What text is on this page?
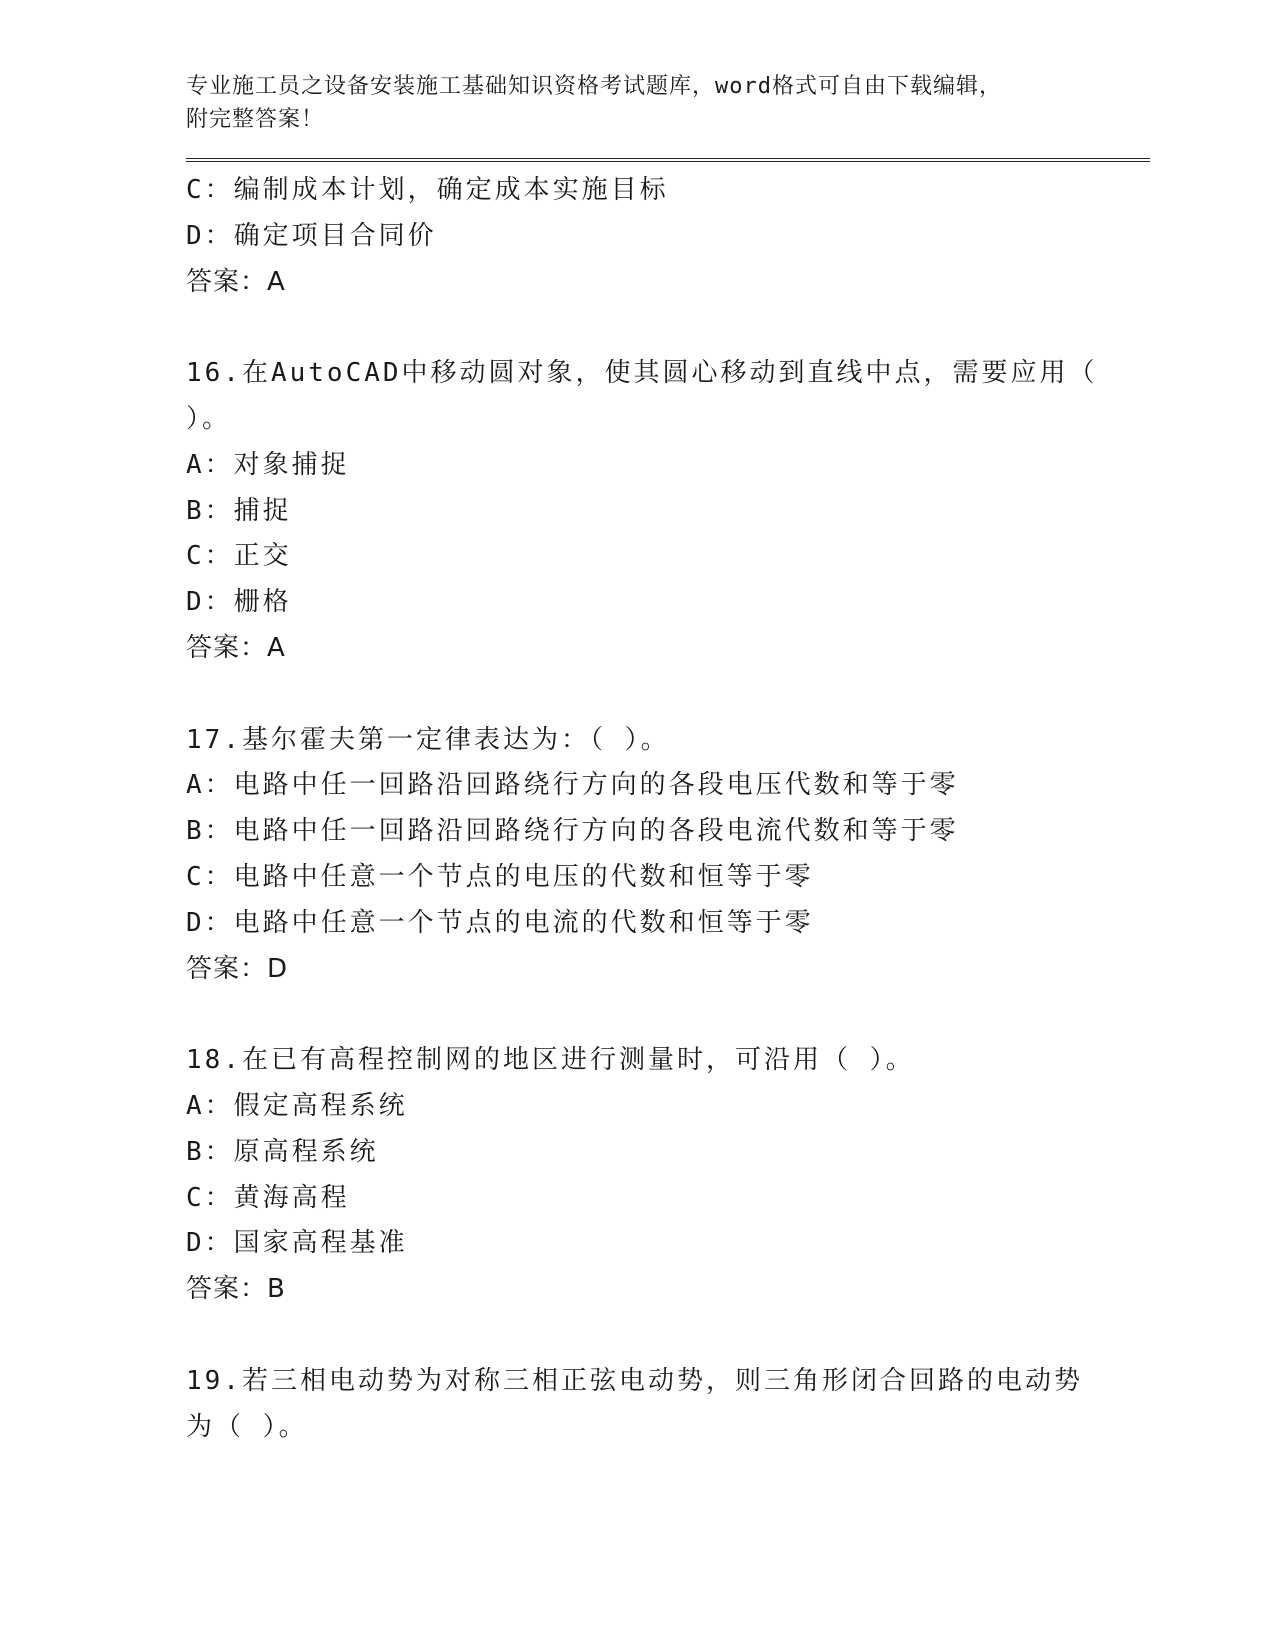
专业施工员之设备安装施工基础知识资格考试题库，word格式可自由下载编辑，
附完整答案！
C：编制成本计划，确定成本实施目标
D：确定项目合同价
答案：A
16.在AutoCAD中移动圆对象，使其圆心移动到直线中点，需要应用（
）。
A：对象捕捉
B：捕捉
C：正交
D：栅格
答案：A
17.基尔霍夫第一定律表达为：（ ）。
A：电路中任一回路沿回路绕行方向的各段电压代数和等于零
B：电路中任一回路沿回路绕行方向的各段电流代数和等于零
C：电路中任意一个节点的电压的代数和恒等于零
D：电路中任意一个节点的电流的代数和恒等于零
答案：D
18.在已有高程控制网的地区进行测量时，可沿用（ ）。
A：假定高程系统
B：原高程系统
C：黄海高程
D：国家高程基准
答案：B
19.若三相电动势为对称三相正弦电动势，则三角形闭合回路的电动势
为（ ）。
